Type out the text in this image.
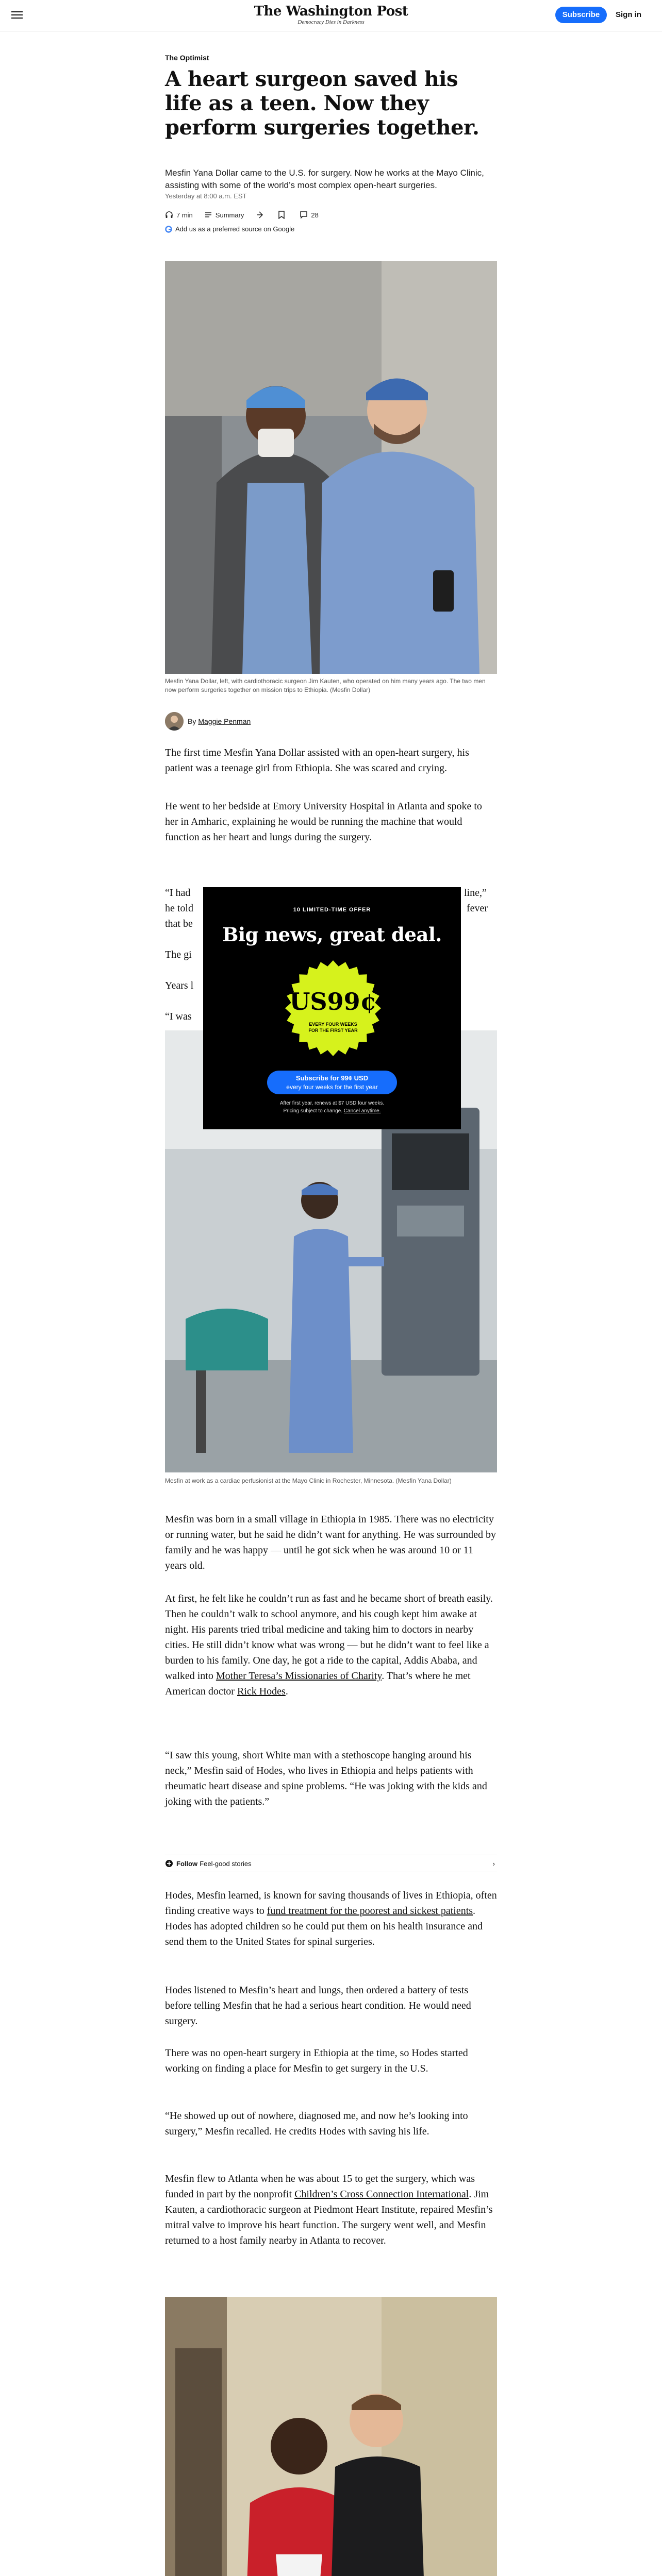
The Washington Post
Democracy Dies in Darkness
Subscribe	Sign in
The Optimist
A heart surgeon saved his life as a teen. Now they perform surgeries together.
Mesfin Yana Dollar came to the U.S. for surgery. Now he works at the Mayo Clinic, assisting with some of the world’s most complex open-heart surgeries.
Yesterday at 8:00 a.m. EST
7 min	Summary	28
Add us as a preferred source on Google
Mesfin Yana Dollar, left, with cardiothoracic surgeon Jim Kauten, who operated on him many years ago. The two men now perform surgeries together on mission trips to Ethiopia. (Mesfin Dollar)
By Maggie Penman

The first time Mesfin Yana Dollar assisted with an open-heart surgery, his patient was a teenage girl from Ethiopia. She was scared and crying.

He went to her bedside at Emory University Hospital in Atlanta and spoke to her in Amharic, explaining he would be running the machine that would function as her heart and lungs during the surgery.

“I had	line,”

he told	fever

that be

The gi

Years l

“I was

Mesfin at work as a cardiac perfusionist at the Mayo Clinic in Rochester, Minnesota. (Mesfin Yana Dollar)

Mesfin was born in a small village in Ethiopia in 1985. There was no electricity or running water, but he said he didn’t want for anything. He was surrounded by family and he was happy — until he got sick when he was around 10 or 11 years old.

At first, he felt like he couldn’t run as fast and he became short of breath easily. Then he couldn’t walk to school anymore, and his cough kept him awake at night. His parents tried tribal medicine and taking him to doctors in nearby cities. He still didn’t know what was wrong — but he didn’t want to feel like a burden to his family. One day, he got a ride to the capital, Addis Ababa, and walked into Mother Teresa’s Missionaries of Charity. That’s where he met American doctor Rick Hodes.

“I saw this young, short White man with a stethoscope hanging around his neck,” Mesfin said of Hodes, who lives in Ethiopia and helps patients with rheumatic heart disease and spine problems. “He was joking with the kids and joking with the patients.”

Follow Feel-good stories	›

Hodes, Mesfin learned, is known for saving thousands of lives in Ethiopia, often finding creative ways to fund treatment for the poorest and sickest patients. Hodes has adopted children so he could put them on his health insurance and send them to the United States for spinal surgeries.

Hodes listened to Mesfin’s heart and lungs, then ordered a battery of tests before telling Mesfin that he had a serious heart condition. He would need surgery.

There was no open-heart surgery in Ethiopia at the time, so Hodes started working on finding a place for Mesfin to get surgery in the U.S.

“He showed up out of nowhere, diagnosed me, and now he’s looking into surgery,” Mesfin recalled. He credits Hodes with saving his life.

Mesfin flew to Atlanta when he was about 15 to get the surgery, which was funded in part by the nonprofit Children’s Cross Connection International. Jim Kauten, a cardiothoracic surgeon at Piedmont Heart Institute, repaired Mesfin’s mitral valve to improve his heart function. The surgery went well, and Mesfin returned to a host family nearby in Atlanta to recover.

10 LIMITED-TIME OFFER
Big news, great deal.
US99¢
EVERY FOUR WEEKS FOR THE FIRST YEAR
Subscribe for 99¢ USD
every four weeks for the first year
After first year, renews at $7 USD four weeks.
Pricing subject to change. Cancel anytime.
